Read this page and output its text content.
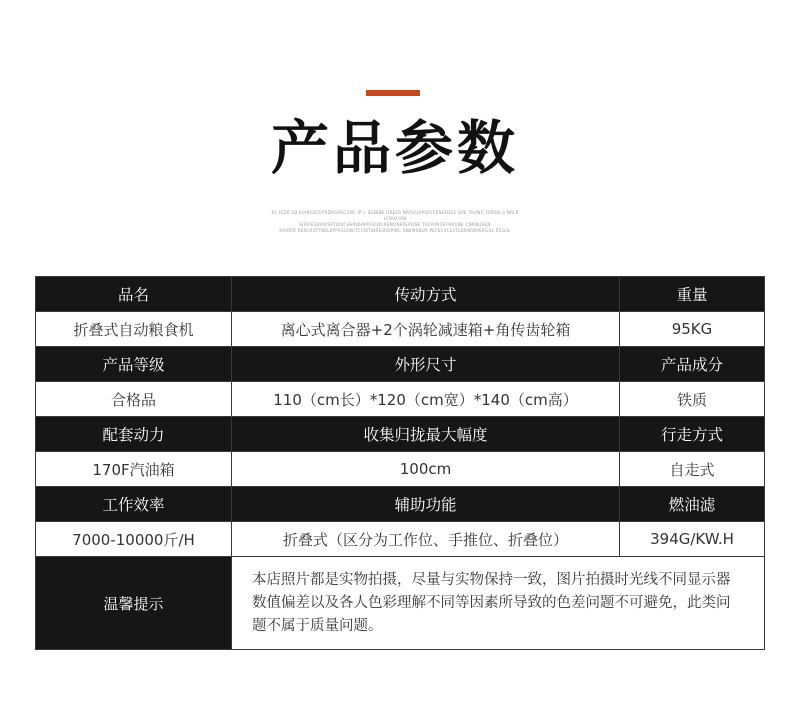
产品参数
RL FEZE LD EUINGRCEPRDHSPGCUNC IP L SGNINE DRELR NRPGUAPSRCFENSFDES GPE TRUNG FERSN G NRLE LCMXFIAN
SIIRFESDUIRSPTDIXCHERDHNPGDUPLRENONEPERDNE TRCRIPICEFNRUNE CNRNUAEN
RIVRCR RERCRUFTNELEPPRSGINIITCCIRTINRESRDPINC SNEMSNUR PEFECIICEATLDRNRRPERGUL RSGIIL
品名	传动方式	重量
折叠式自动粮食机	离心式离合器+2个涡轮减速箱+角传齿轮箱	95KG
产品等级	外形尺寸	产品成分
合格品	110（cm长）*120（cm宽）*140（cm高）	铁质
配套动力	收集归拢最大幅度	行走方式
170F汽油箱	100cm	自走式
工作效率	辅助功能	燃油滤
7000-10000斤/H	折叠式（区分为工作位、手推位、折叠位）	394G/KW.H
温馨提示	本店照片都是实物拍摄，尽量与实物保持一致，图片拍摄时光线不同显示器数值偏差以及各人色彩理解不同等因素所导致的色差问题不可避免，此类问题不属于质量问题。	
